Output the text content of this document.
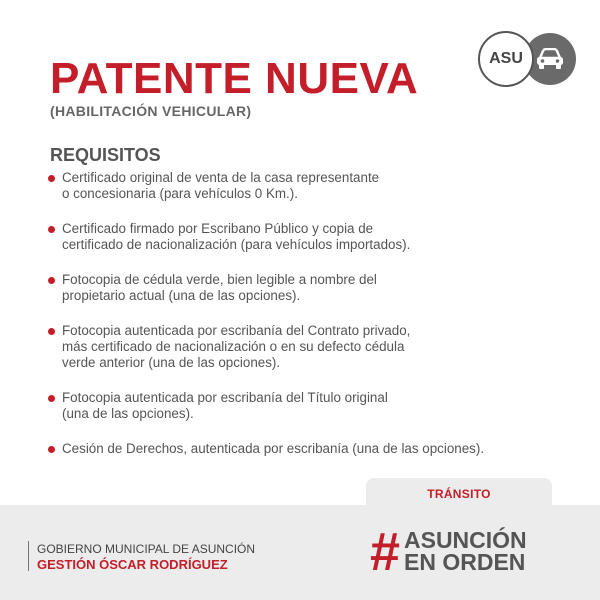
PATENTE NUEVA
(HABILITACIÓN VEHICULAR)
ASU
REQUISITOS
Certificado original de venta de la casa representante
o concesionaria (para vehículos 0 Km.).
Certificado firmado por Escribano Público y copia de
certificado de nacionalización (para vehículos importados).
Fotocopia de cédula verde, bien legible a nombre del
propietario actual (una de las opciones).
Fotocopia autenticada por escribanía del Contrato privado,
más certificado de nacionalización o en su defecto cédula
verde anterior (una de las opciones).
Fotocopia autenticada por escribanía del Título original
(una de las opciones).
Cesión de Derechos, autenticada por escribanía (una de las opciones).
TRÁNSITO
GOBIERNO MUNICIPAL DE ASUNCIÓN
GESTIÓN ÓSCAR RODRÍGUEZ	# ASUNCIÓN
EN ORDEN
